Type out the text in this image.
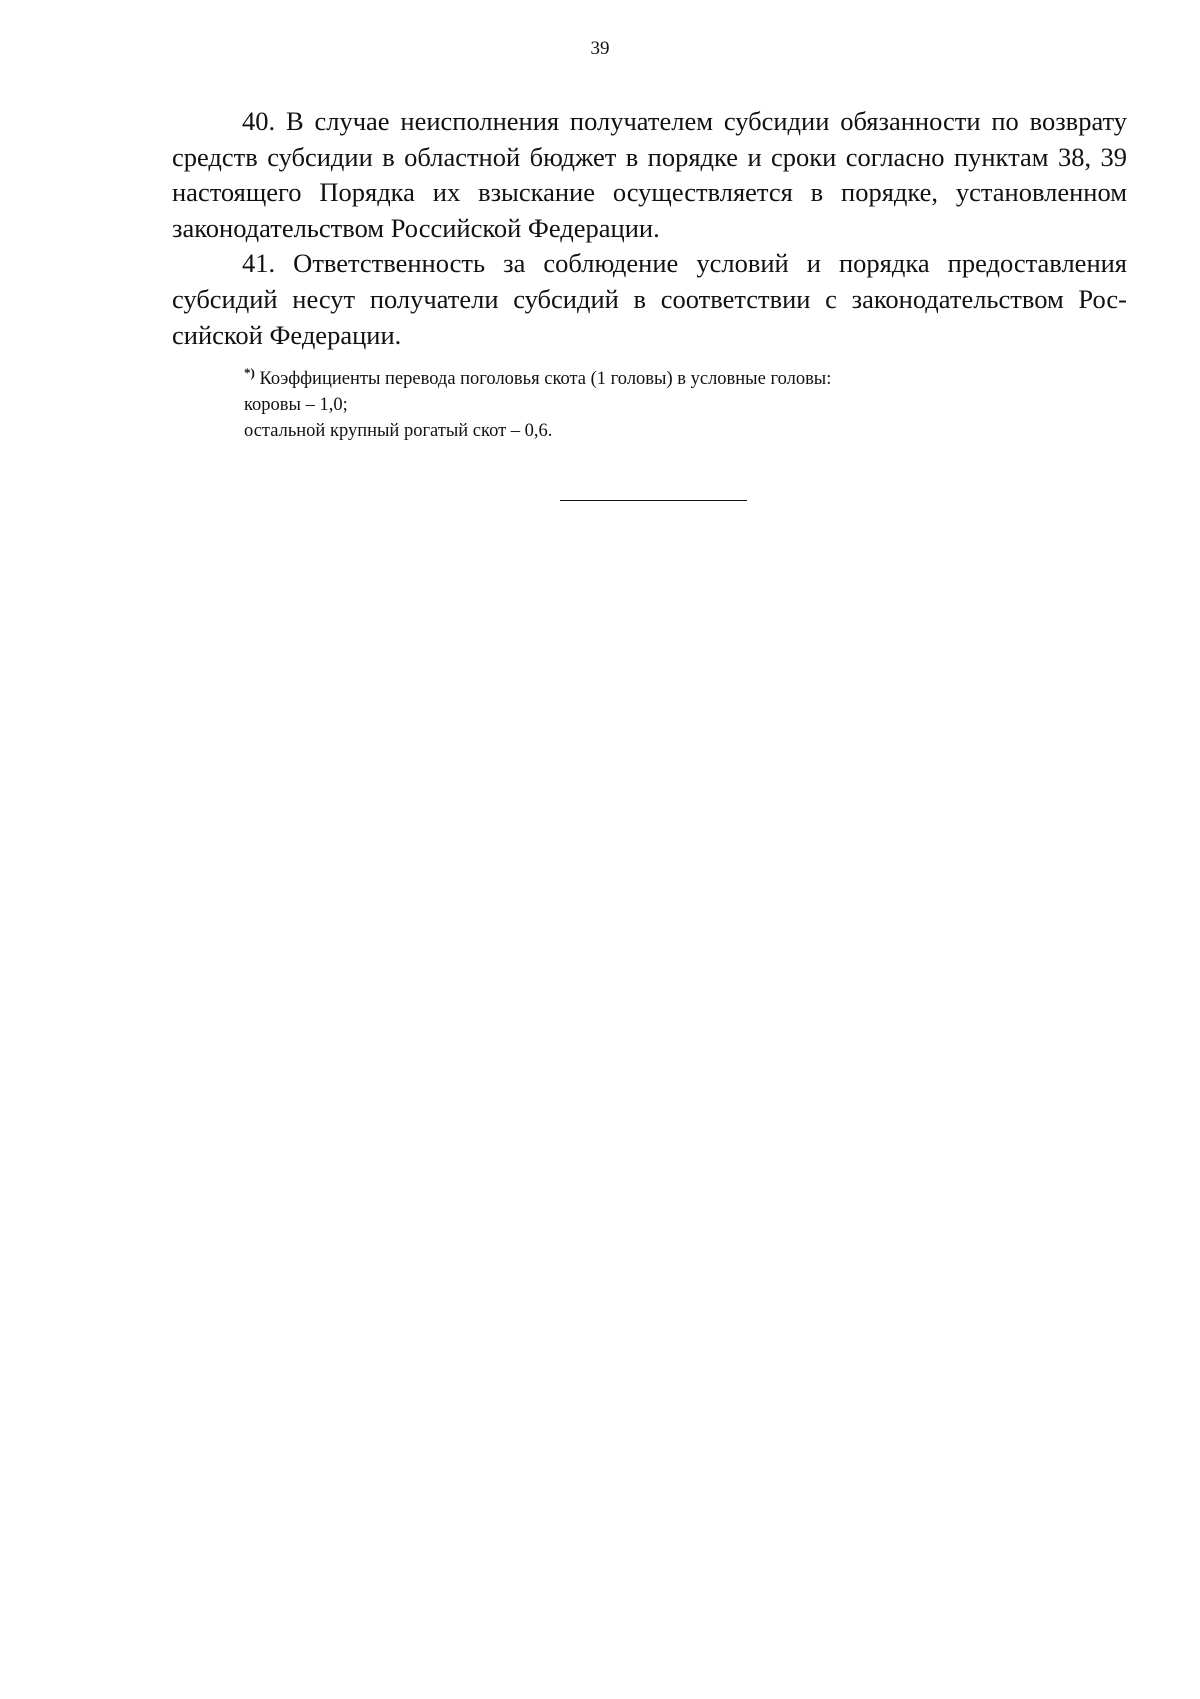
39

40. В случае неисполнения получателем субсидии обязанности по возврату средств субсидии в областной бюджет в порядке и сроки согласно пунктам 38, 39 настоящего Порядка их взыскание осуществляется в порядке, установленном законодательством Российской Федерации.

41. Ответственность за соблюдение условий и порядка предоставления субсидий несут получатели субсидий в соответствии с законодательством Российской Федерации.

*) Коэффициенты перевода поголовья скота (1 головы) в условные головы:

коровы – 1,0;

остальной крупный рогатый скот – 0,6.
